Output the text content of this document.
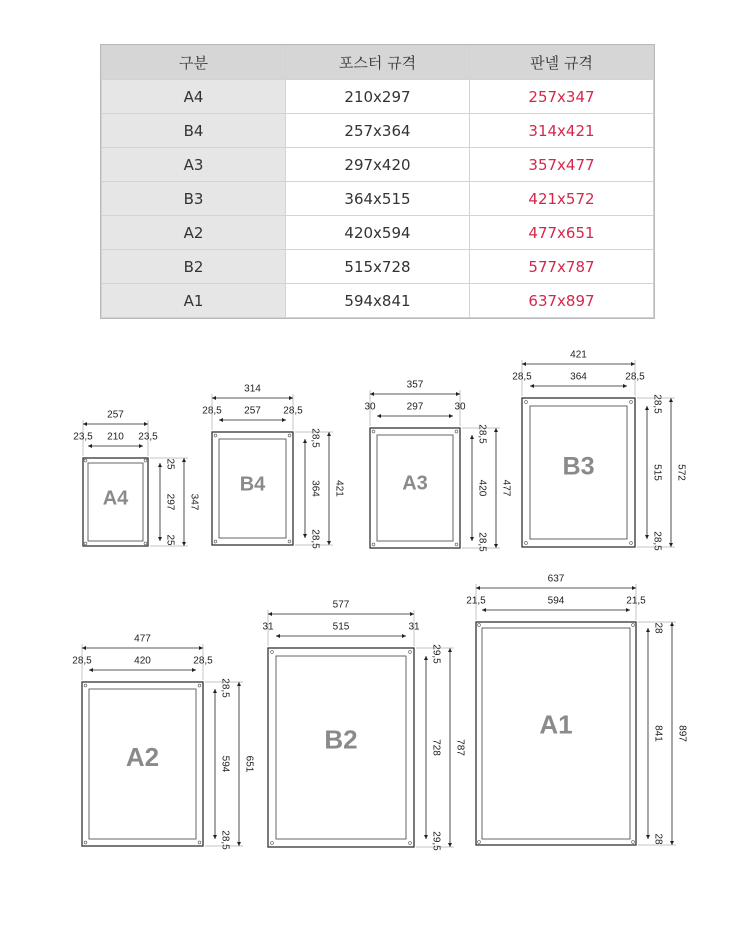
구분	포스터 규격	판넬 규격
A4	210x297	257x347
B4	257x364	314x421
A3	297x420	357x477
B3	364x515	421x572
A2	420x594	477x651
B2	515x728	577x787
A1	594x841	637x897
A4
257
210
23,5	23,5
297 347
25
25
B4
314
257
28,5	28,5
364 421
28,5
28,5
A3
357
297
30	30
420 477
28,5
28,5
B3
421
364
28,5	28,5
515 572
28,5
28,5
A2
477
420
28,5	28,5
594 651
28,5
28,5
B2
577
515
31	31
728 787
29,5
29,5
A1
637
594
21,5	21,5
841 897
28
28
